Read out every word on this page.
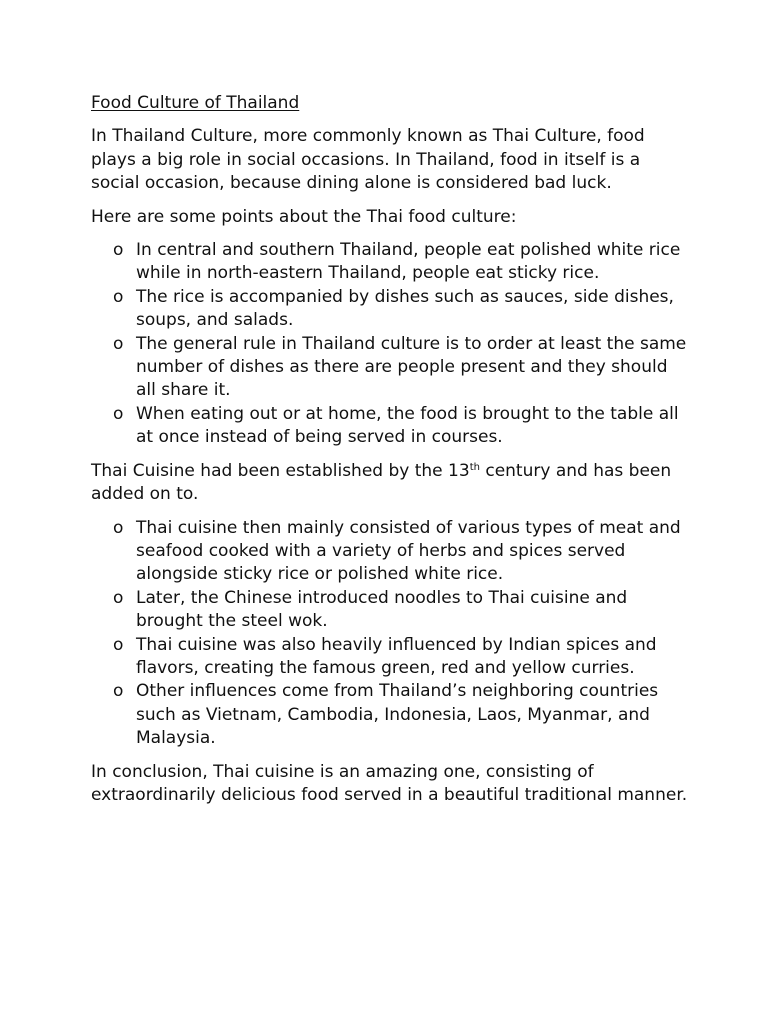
Food Culture of Thailand

In Thailand Culture, more commonly known as Thai Culture, food plays a big role in social occasions. In Thailand, food in itself is a social occasion, because dining alone is considered bad luck.

Here are some points about the Thai food culture:

o In central and southern Thailand, people eat polished white rice while in north-eastern Thailand, people eat sticky rice.
o The rice is accompanied by dishes such as sauces, side dishes, soups, and salads.
o The general rule in Thailand culture is to order at least the same number of dishes as there are people present and they should all share it.
o When eating out or at home, the food is brought to the table all at once instead of being served in courses.

Thai Cuisine had been established by the 13th century and has been added on to.

o Thai cuisine then mainly consisted of various types of meat and seafood cooked with a variety of herbs and spices served alongside sticky rice or polished white rice.
o Later, the Chinese introduced noodles to Thai cuisine and brought the steel wok.
o Thai cuisine was also heavily influenced by Indian spices and flavors, creating the famous green, red and yellow curries.
o Other influences come from Thailand’s neighboring countries such as Vietnam, Cambodia, Indonesia, Laos, Myanmar, and Malaysia.

In conclusion, Thai cuisine is an amazing one, consisting of extraordinarily delicious food served in a beautiful traditional manner.
